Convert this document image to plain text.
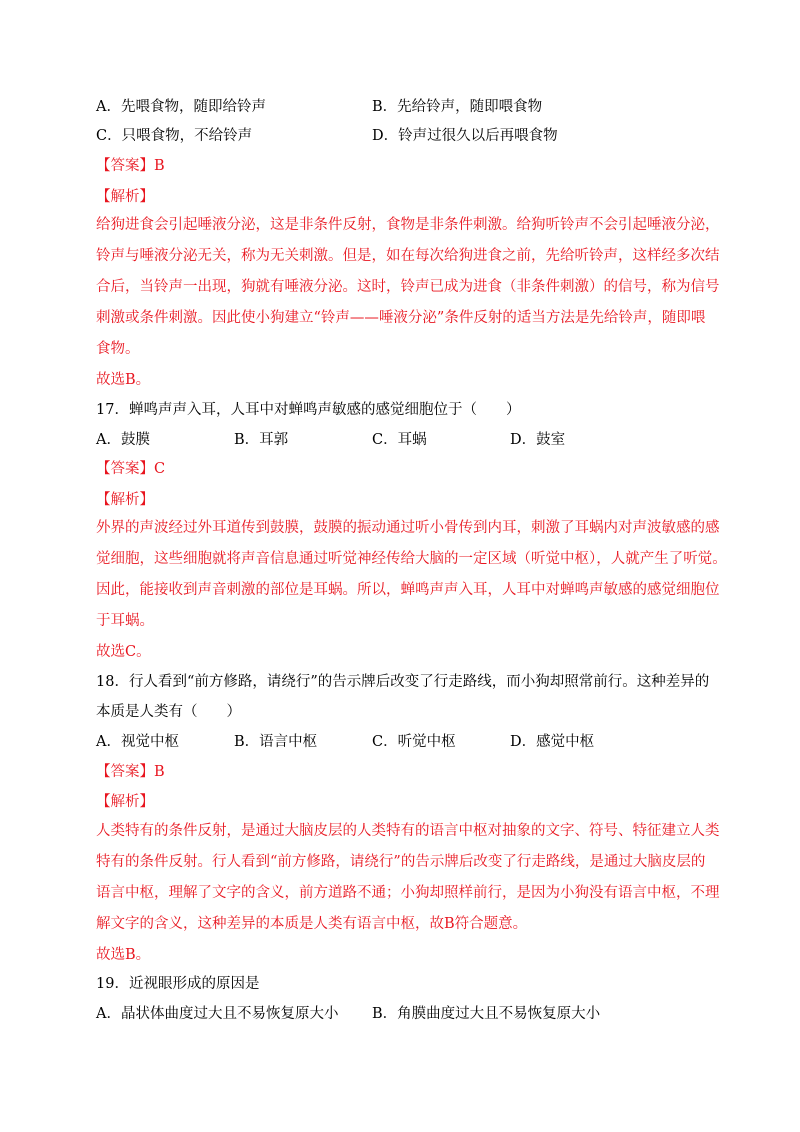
A．先喂食物，随即给铃声	B．先给铃声，随即喂食物
C．只喂食物，不给铃声	D．铃声过很久以后再喂食物
【答案】B
【解析】
给狗进食会引起唾液分泌，这是非条件反射，食物是非条件刺激。给狗听铃声不会引起唾液分泌，
铃声与唾液分泌无关，称为无关刺激。但是，如在每次给狗进食之前，先给听铃声，这样经多次结
合后，当铃声一出现，狗就有唾液分泌。这时，铃声已成为进食（非条件刺激）的信号，称为信号
刺激或条件刺激。因此使小狗建立“铃声——唾液分泌”条件反射的适当方法是先给铃声，随即喂
食物。
故选B。
17．蝉鸣声声入耳，人耳中对蝉鸣声敏感的感觉细胞位于（　　）
A．鼓膜	B．耳郭	C．耳蜗	D．鼓室
【答案】C
【解析】
外界的声波经过外耳道传到鼓膜，鼓膜的振动通过听小骨传到内耳，刺激了耳蜗内对声波敏感的感
觉细胞，这些细胞就将声音信息通过听觉神经传给大脑的一定区域（听觉中枢），人就产生了听觉。
因此，能接收到声音刺激的部位是耳蜗。所以，蝉鸣声声入耳，人耳中对蝉鸣声敏感的感觉细胞位
于耳蜗。
故选C。
18．行人看到“前方修路，请绕行”的告示牌后改变了行走路线，而小狗却照常前行。这种差异的
本质是人类有（　　）
A．视觉中枢	B．语言中枢	C．听觉中枢	D．感觉中枢
【答案】B
【解析】
人类特有的条件反射，是通过大脑皮层的人类特有的语言中枢对抽象的文字、符号、特征建立人类
特有的条件反射。行人看到“前方修路，请绕行”的告示牌后改变了行走路线，是通过大脑皮层的
语言中枢，理解了文字的含义，前方道路不通；小狗却照样前行，是因为小狗没有语言中枢，不理
解文字的含义，这种差异的本质是人类有语言中枢，故B符合题意。
故选B。
19．近视眼形成的原因是
A．晶状体曲度过大且不易恢复原大小 B．角膜曲度过大且不易恢复原大小
